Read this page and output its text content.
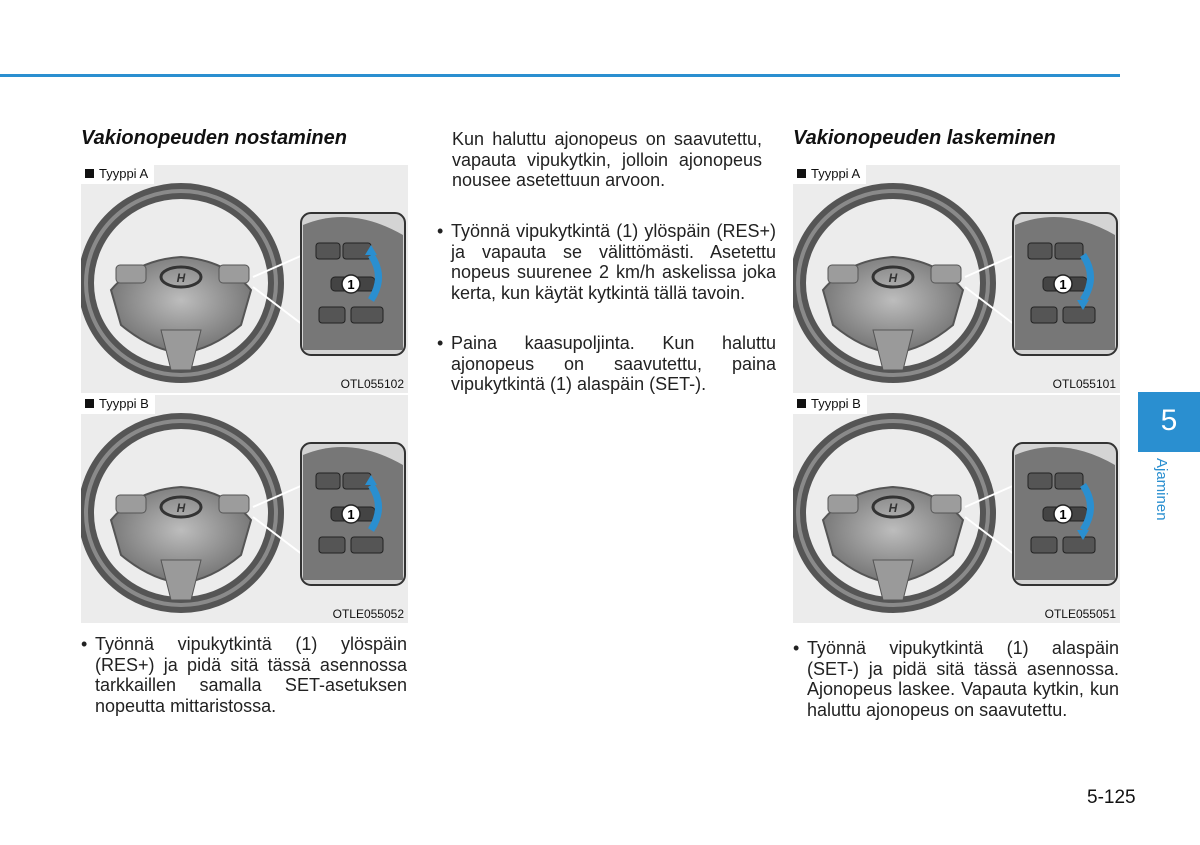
Vakionopeuden nostaminen
H	1
Tyyppi A
OTL055102
H	1
Tyyppi B
OTLE055052

• Työnnä vipukytkintä (1) ylöspäin (RES+) ja pidä sitä tässä asennossa tarkkaillen samalla SET-asetuksen nopeutta mittaristossa.

Kun haluttu ajonopeus on saavutettu, vapauta vipukytkin, jolloin ajonopeus nousee asetettuun arvoon.

• Työnnä vipukytkintä (1) ylöspäin (RES+) ja vapauta se välittömästi. Asetettu nopeus suurenee 2 km/h askelissa joka kerta, kun käytät kytkintä tällä tavoin.

• Paina kaasupoljinta. Kun haluttu ajonopeus on saavutettu, paina vipukytkintä (1) alaspäin (SET-).

Vakionopeuden laskeminen
H	1
Tyyppi A
OTL055101
H	1
Tyyppi B
OTLE055051

• Työnnä vipukytkintä (1) alaspäin (SET-) ja pidä sitä tässä asennossa. Ajonopeus laskee. Vapauta kytkin, kun haluttu ajonopeus on saavutettu.

5
Ajaminen
5-125
